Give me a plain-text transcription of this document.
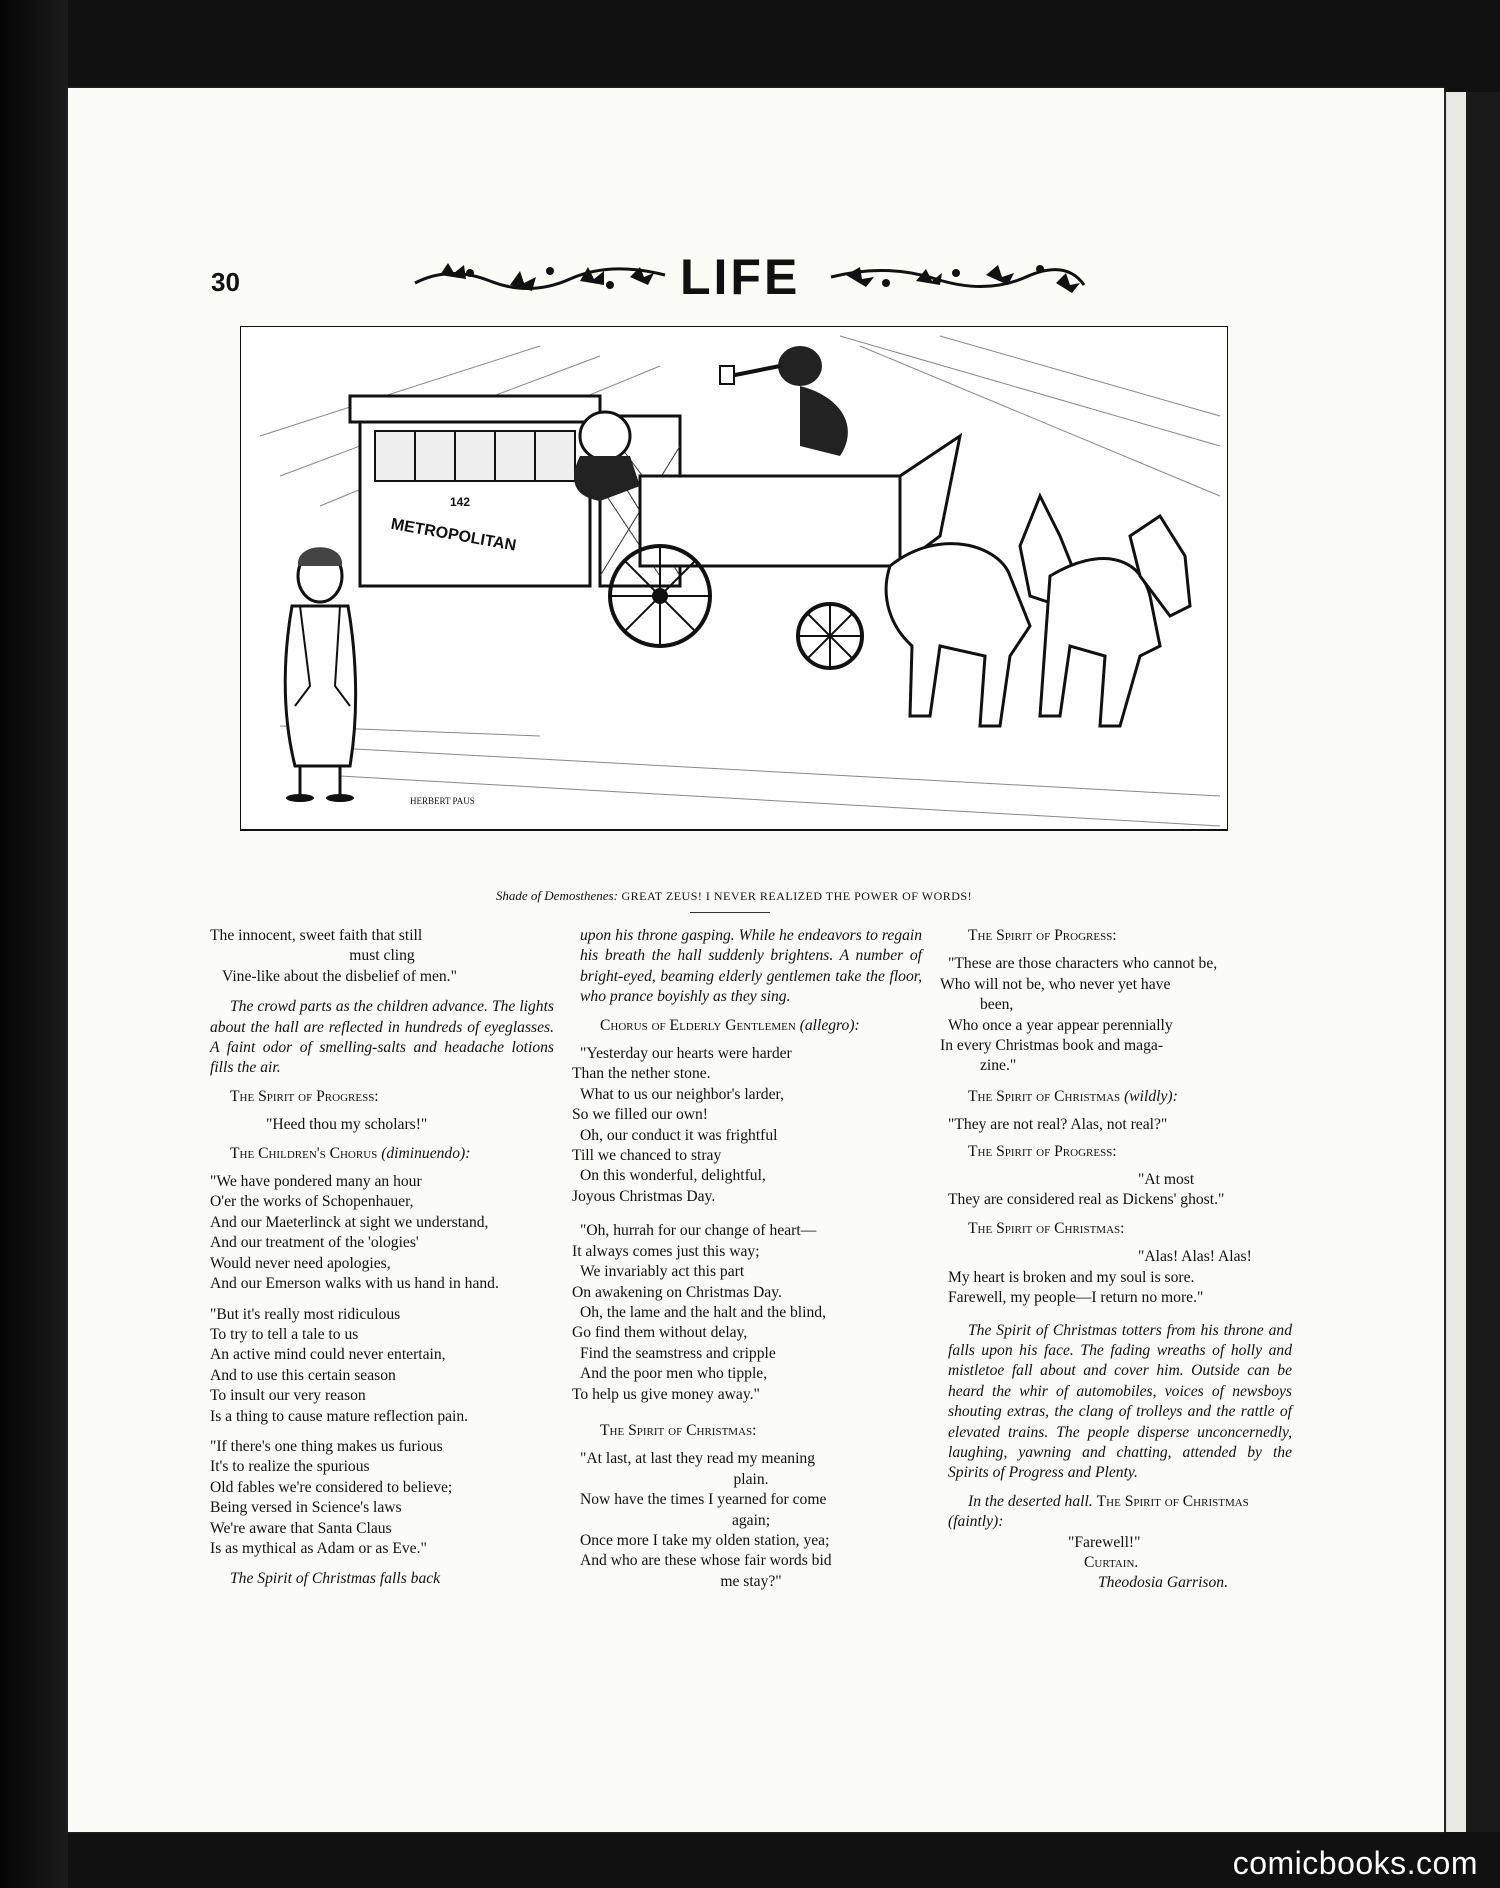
30	LIFE
142
METROPOLITAN
HERBERT PAUS
Shade of Demosthenes: GREAT ZEUS! I NEVER REALIZED THE POWER OF WORDS!
The innocent, sweet faith that still
must cling
Vine-like about the disbelief of men."

The crowd parts as the children advance. The lights about the hall are reflected in hundreds of eyeglasses. A faint odor of smelling-salts and headache lotions fills the air.

The Spirit of Progress:

"Heed thou my scholars!"

The Children's Chorus (diminuendo):

"We have pondered many an hour
O'er the works of Schopenhauer,
And our Maeterlinck at sight we understand,
And our treatment of the 'ologies'
Would never need apologies,
And our Emerson walks with us hand in hand.
"But it's really most ridiculous
To try to tell a tale to us
An active mind could never entertain,
And to use this certain season
To insult our very reason
Is a thing to cause mature reflection pain.
"If there's one thing makes us furious
It's to realize the spurious
Old fables we're considered to believe;
Being versed in Science's laws
We're aware that Santa Claus
Is as mythical as Adam or as Eve."

The Spirit of Christmas falls back

upon his throne gasping. While he endeavors to regain his breath the hall suddenly brightens. A number of bright-eyed, beaming elderly gentlemen take the floor, who prance boyishly as they sing.

Chorus of Elderly Gentlemen (allegro):

"Yesterday our hearts were harder
Than the nether stone.
What to us our neighbor's larder,
So we filled our own!
Oh, our conduct it was frightful
Till we chanced to stray
On this wonderful, delightful,
Joyous Christmas Day.
"Oh, hurrah for our change of heart—
It always comes just this way;
We invariably act this part
On awakening on Christmas Day.
Oh, the lame and the halt and the blind,
Go find them without delay,
Find the seamstress and cripple
And the poor men who tipple,
To help us give money away."

The Spirit of Christmas:

"At last, at last they read my meaning
plain.
Now have the times I yearned for come
again;
Once more I take my olden station, yea;
And who are these whose fair words bid
me stay?"

The Spirit of Progress:

"These are those characters who cannot be,
Who will not be, who never yet have
been,
Who once a year appear perennially
In every Christmas book and maga-
zine."

The Spirit of Christmas (wildly):

"They are not real? Alas, not real?"

The Spirit of Progress:

"At most

They are considered real as Dickens' ghost."

The Spirit of Christmas:

"Alas! Alas! Alas!

My heart is broken and my soul is sore.

Farewell, my people—I return no more."

The Spirit of Christmas totters from his throne and falls upon his face. The fading wreaths of holly and mistletoe fall about and cover him. Outside can be heard the whir of automobiles, voices of newsboys shouting extras, the clang of trolleys and the rattle of elevated trains. The people disperse unconcernedly, laughing, yawning and chatting, attended by the Spirits of Progress and Plenty.

In the deserted hall. The Spirit of Christmas (faintly):

"Farewell!"

Curtain.

Theodosia Garrison.

comicbooks.com
